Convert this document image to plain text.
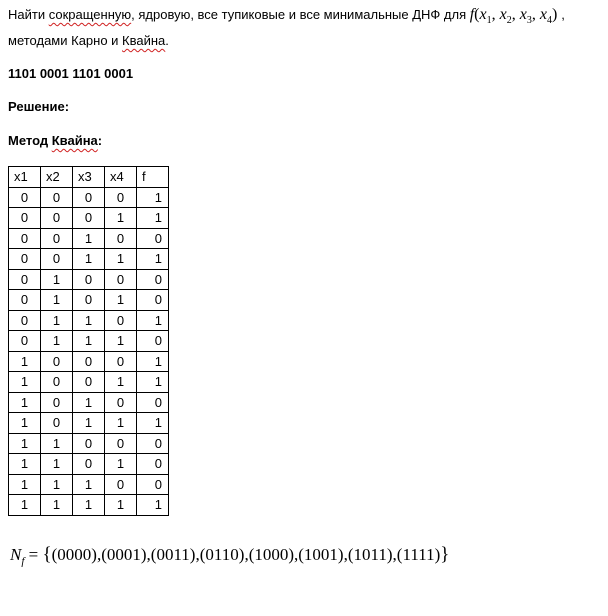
Найти сокращенную, ядровую, все тупиковые и все минимальные ДНФ для $f(x_1$, $x_2$, $x_3$, $x_4$) ,
методами Карно и Квайна.
1101 0001 1101 0001
Решение:
Метод Квайна:
x1	x2	x3	x4	f
0	0	0	0	1
0	0	0	1	1
0	0	1	0	0
0	0	1	1	1
0	1	0	0	0
0	1	0	1	0
0	1	1	0	1
0	1	1	1	0
1	0	0	0	1
1	0	0	1	1
1	0	1	0	0
1	0	1	1	1
1	1	0	0	0
1	1	0	1	0
1	1	1	0	0
1	1	1	1	1
$N_f = \{(0000),(0001),(0011),(0110),(1000),(1001),(1011),(1111)\}$
